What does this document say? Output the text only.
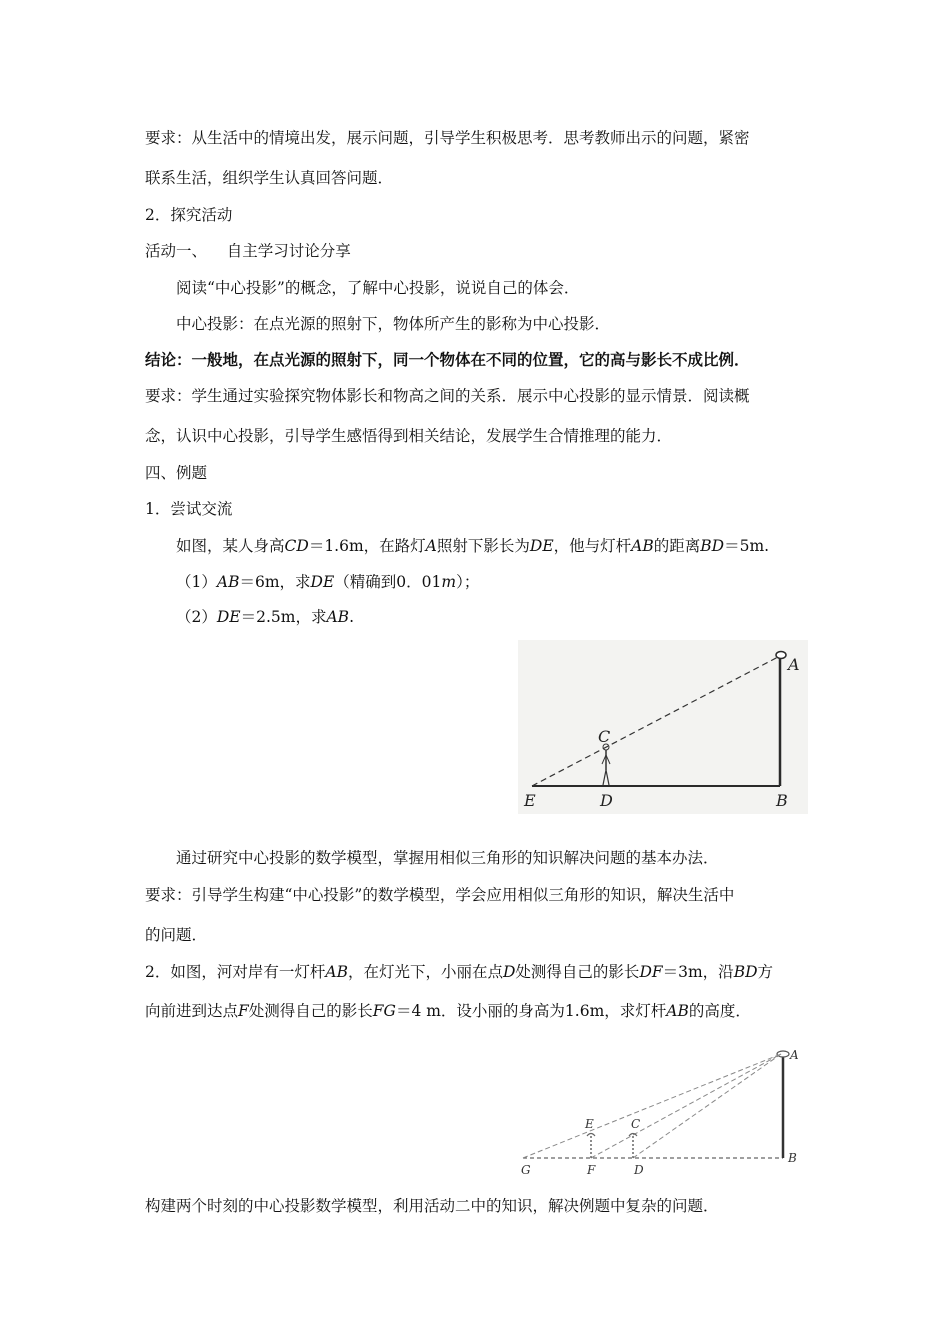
要求：从生活中的情境出发，展示问题，引导学生积极思考．思考教师出示的问题，紧密
联系生活，组织学生认真回答问题．
2．探究活动
活动一、    自主学习讨论分享
阅读“中心投影”的概念，了解中心投影，说说自己的体会．
中心投影：在点光源的照射下，物体所产生的影称为中心投影．
结论：一般地，在点光源的照射下，同一个物体在不同的位置，它的高与影长不成比例．
要求：学生通过实验探究物体影长和物高之间的关系．展示中心投影的显示情景．阅读概
念，认识中心投影，引导学生感悟得到相关结论，发展学生合情推理的能力．
四、例题
1．尝试交流
如图，某人身高CD＝1.6m，在路灯A照射下影长为DE，他与灯杆AB的距离BD＝5m.
（1）AB＝6m，求DE（精确到0．01m）；
（2）DE＝2.5m，求AB.
C
A
E	D	B
通过研究中心投影的数学模型，掌握用相似三角形的知识解决问题的基本办法．
要求：引导学生构建“中心投影”的数学模型，学会应用相似三角形的知识，解决生活中
的问题．
2．如图，河对岸有一灯杆AB，在灯光下，小丽在点D处测得自己的影长DF＝3m，沿BD方
向前进到达点F处测得自己的影长FG＝4 m．设小丽的身高为1.6m，求灯杆AB的高度．
E	C
A
B
G	F	D
构建两个时刻的中心投影数学模型，利用活动二中的知识，解决例题中复杂的问题．
